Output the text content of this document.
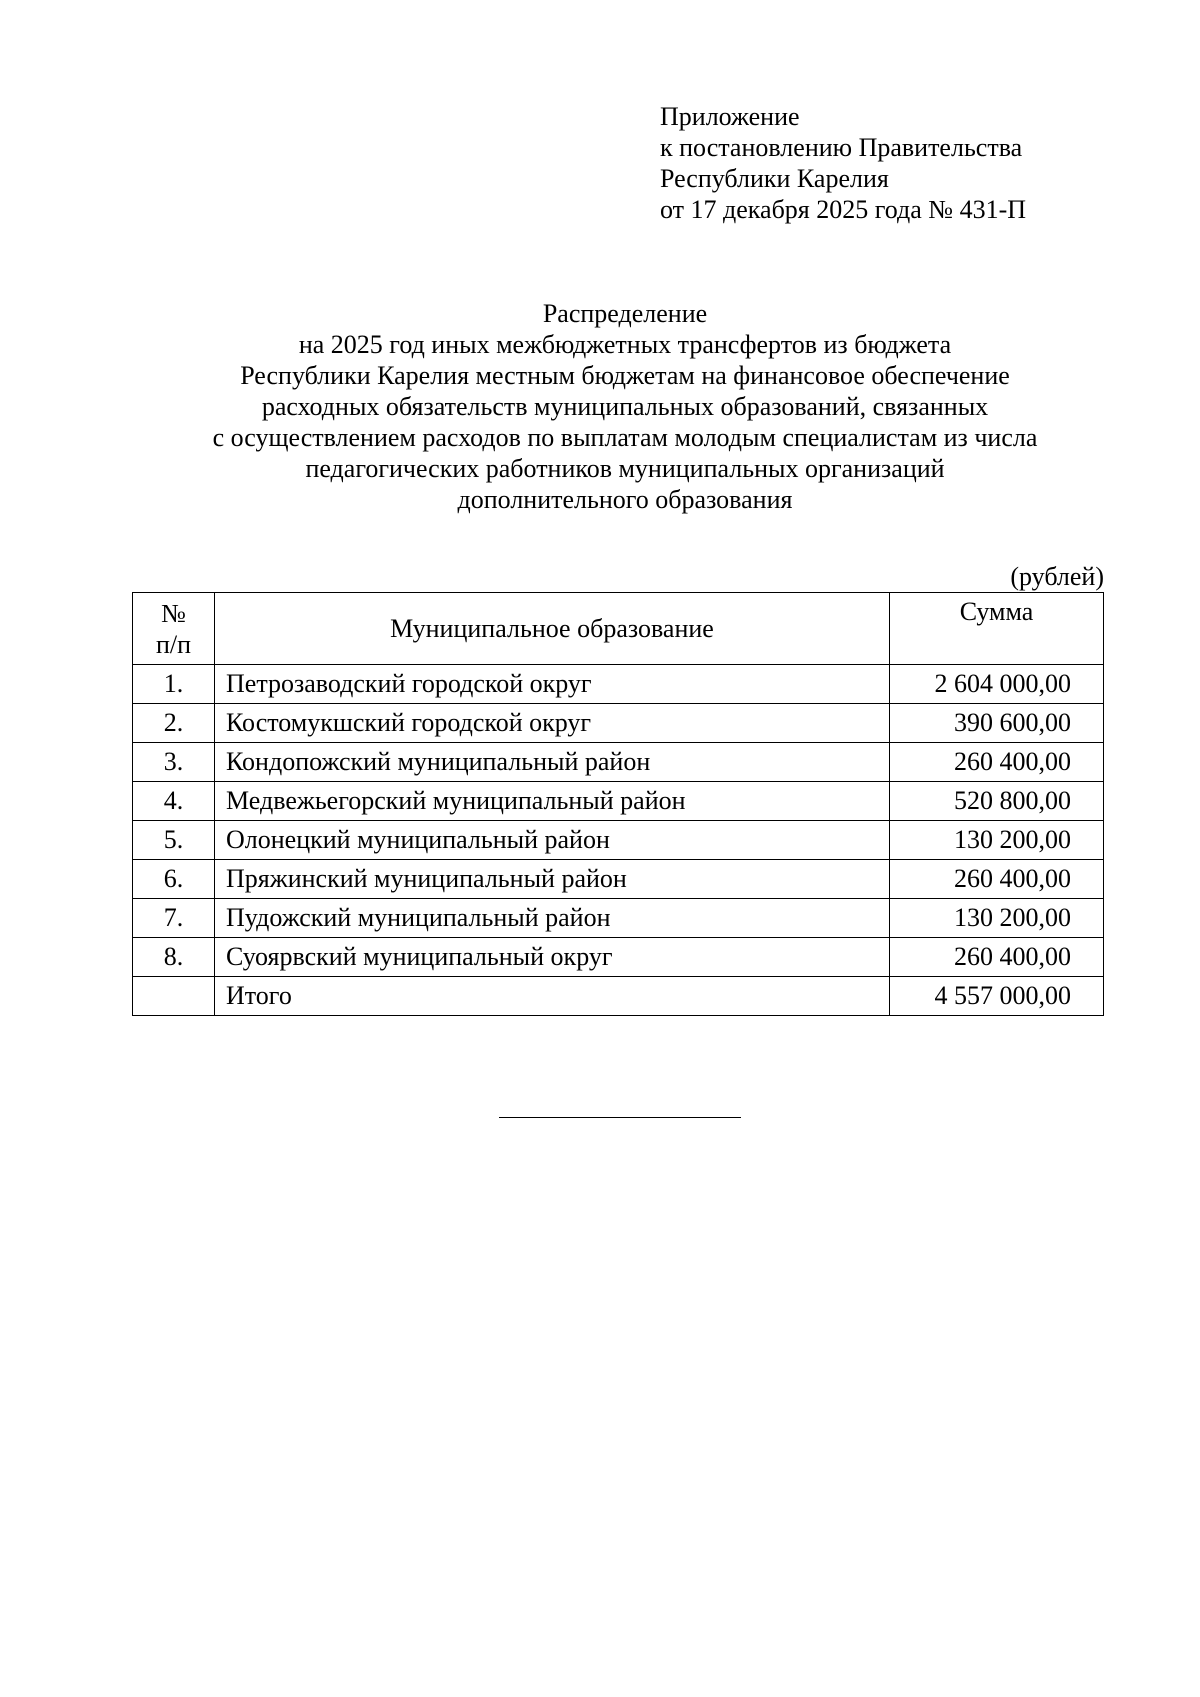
Приложение
к постановлению Правительства
Республики Карелия
от 17 декабря 2025 года № 431-П
Распределение
на 2025 год иных межбюджетных трансфертов из бюджета
Республики Карелия местным бюджетам на финансовое обеспечение
расходных обязательств муниципальных образований, связанных
с осуществлением расходов по выплатам молодым специалистам из числа
педагогических работников муниципальных организаций
дополнительного образования
(рублей)
№
п/п	Муниципальное образование	Сумма
1.	Петрозаводский городской округ	2 604 000,00
2.	Костомукшский городской округ	390 600,00
3.	Кондопожский муниципальный район	260 400,00
4.	Медвежьегорский муниципальный район	520 800,00
5.	Олонецкий муниципальный район	130 200,00
6.	Пряжинский муниципальный район	260 400,00
7.	Пудожский муниципальный район	130 200,00
8.	Суоярвский муниципальный округ	260 400,00
	Итого	4 557 000,00
